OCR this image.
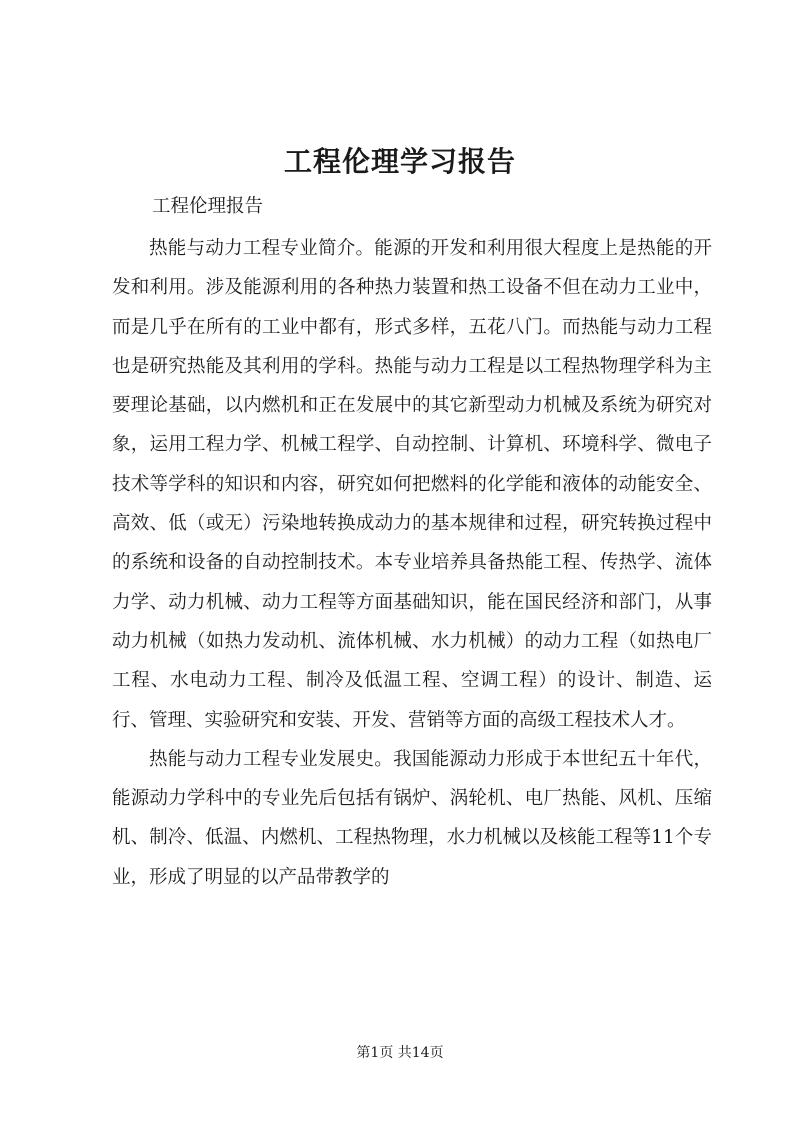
工程伦理学习报告

工程伦理报告

热能与动力工程专业简介。能源的开发和利用很大程度上是热能的开发和利用。涉及能源利用的各种热力装置和热工设备不但在动力工业中，而是几乎在所有的工业中都有，形式多样，五花八门。而热能与动力工程也是研究热能及其利用的学科。热能与动力工程是以工程热物理学科为主要理论基础，以内燃机和正在发展中的其它新型动力机械及系统为研究对象，运用工程力学、机械工程学、自动控制、计算机、环境科学、微电子技术等学科的知识和内容，研究如何把燃料的化学能和液体的动能安全、高效、低（或无）污染地转换成动力的基本规律和过程，研究转换过程中的系统和设备的自动控制技术。本专业培养具备热能工程、传热学、流体力学、动力机械、动力工程等方面基础知识，能在国民经济和部门，从事动力机械（如热力发动机、流体机械、水力机械）的动力工程（如热电厂工程、水电动力工程、制冷及低温工程、空调工程）的设计、制造、运行、管理、实验研究和安装、开发、营销等方面的高级工程技术人才。

热能与动力工程专业发展史。我国能源动力形成于本世纪五十年代，能源动力学科中的专业先后包括有锅炉、涡轮机、电厂热能、风机、压缩机、制冷、低温、内燃机、工程热物理，水力机械以及核能工程等11个专业，形成了明显的以产品带教学的

第1页 共14页
